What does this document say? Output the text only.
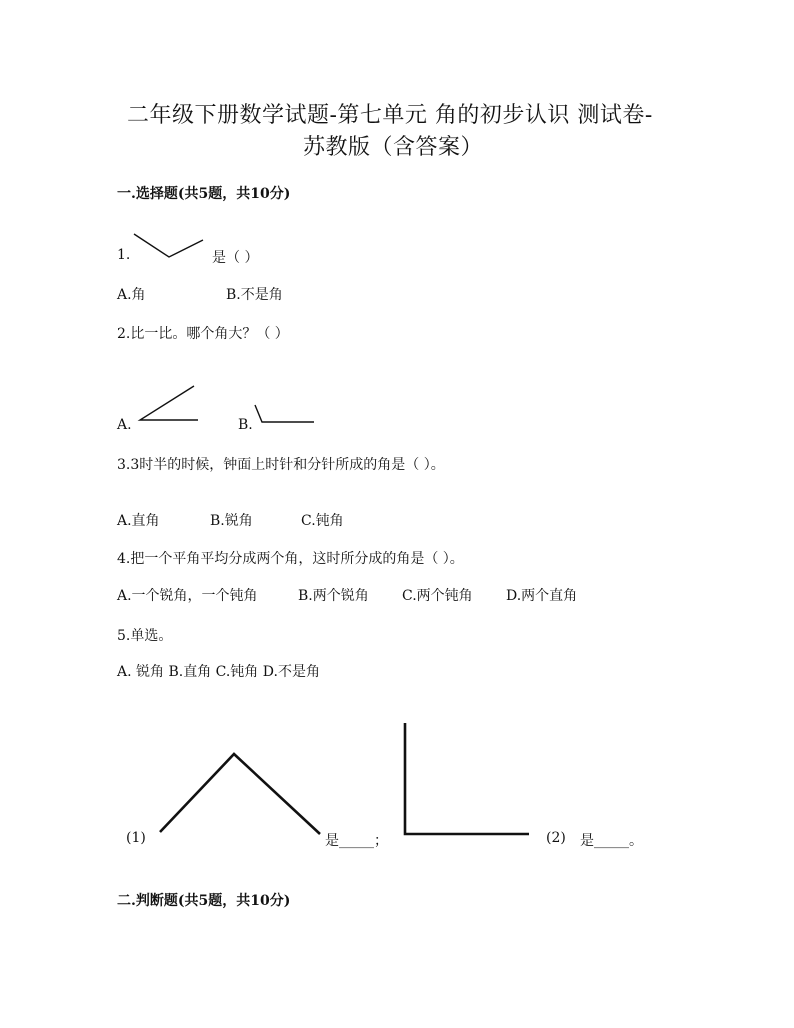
二年级下册数学试题-第七单元 角的初步认识 测试卷-
苏教版（含答案）
一.选择题(共5题，共10分)
1.	是（ ）
A.角	B.不是角
2.比一比。哪个角大？（ ）
A.	B.
3.3时半的时候，钟面上时针和分针所成的角是（ ）。
A.直角	B.锐角	C.钝角
4.把一个平角平均分成两个角，这时所分成的角是（ ）。
A.一个锐角，一个钝角	B.两个锐角 C.两个钝角 D.两个直角
5.单选。
A. 锐角 B.直角 C.钝角 D.不是角
(1)	是_____；	(2) 是_____。
二.判断题(共5题，共10分)
